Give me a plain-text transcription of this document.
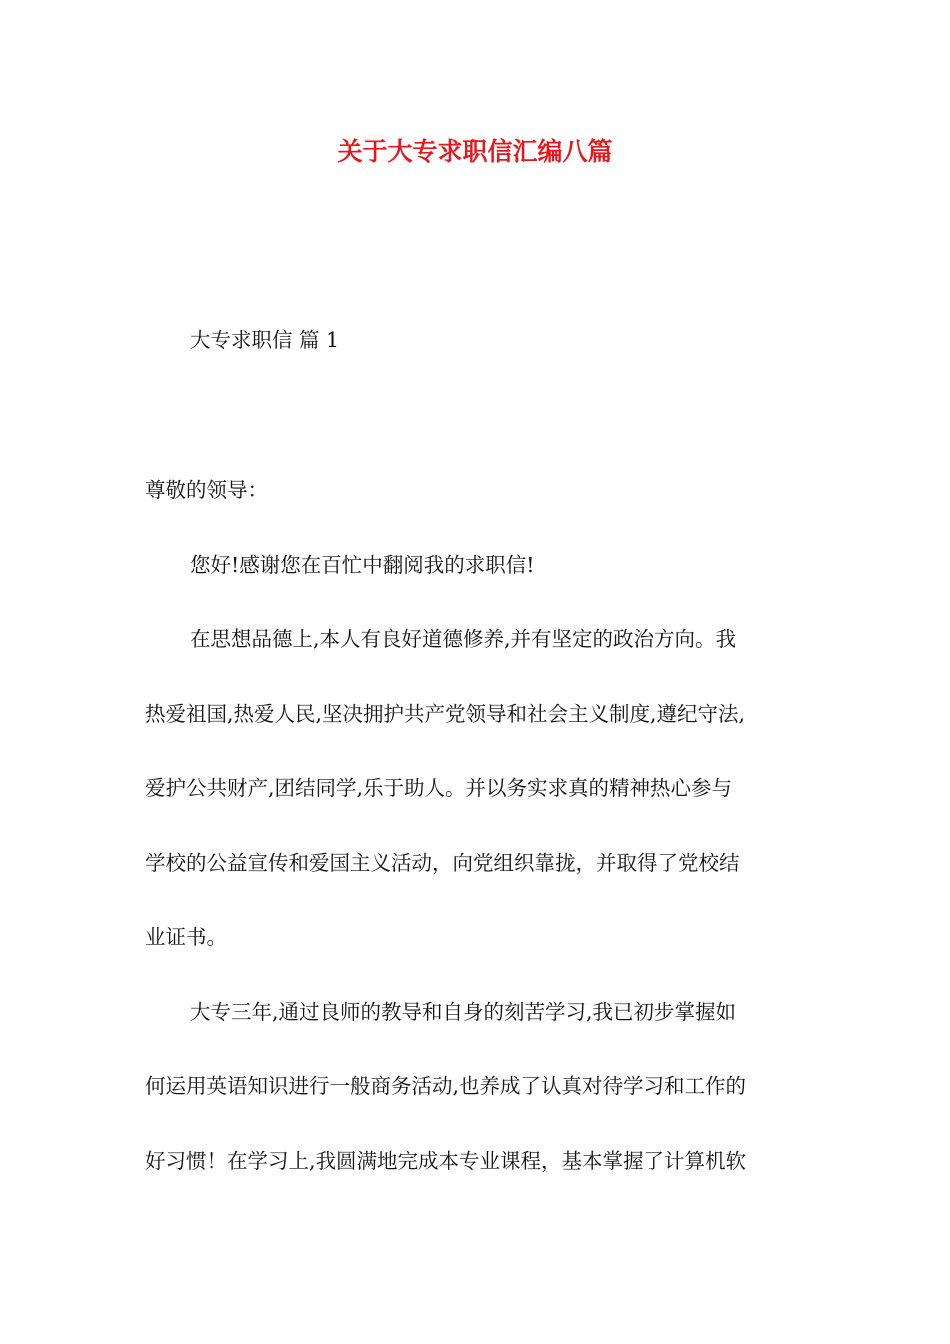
关于大专求职信汇编八篇

大专求职信 篇 1

尊敬的领导：

您好!感谢您在百忙中翻阅我的求职信!

在思想品德上,本人有良好道德修养,并有坚定的政治方向。我

热爱祖国,热爱人民,坚决拥护共产党领导和社会主义制度,遵纪守法,

爱护公共财产,团结同学,乐于助人。并以务实求真的精神热心参与

学校的公益宣传和爱国主义活动，向党组织靠拢，并取得了党校结

业证书。

大专三年,通过良师的教导和自身的刻苦学习,我已初步掌握如

何运用英语知识进行一般商务活动,也养成了认真对待学习和工作的

好习惯！在学习上,我圆满地完成本专业课程，基本掌握了计算机软
